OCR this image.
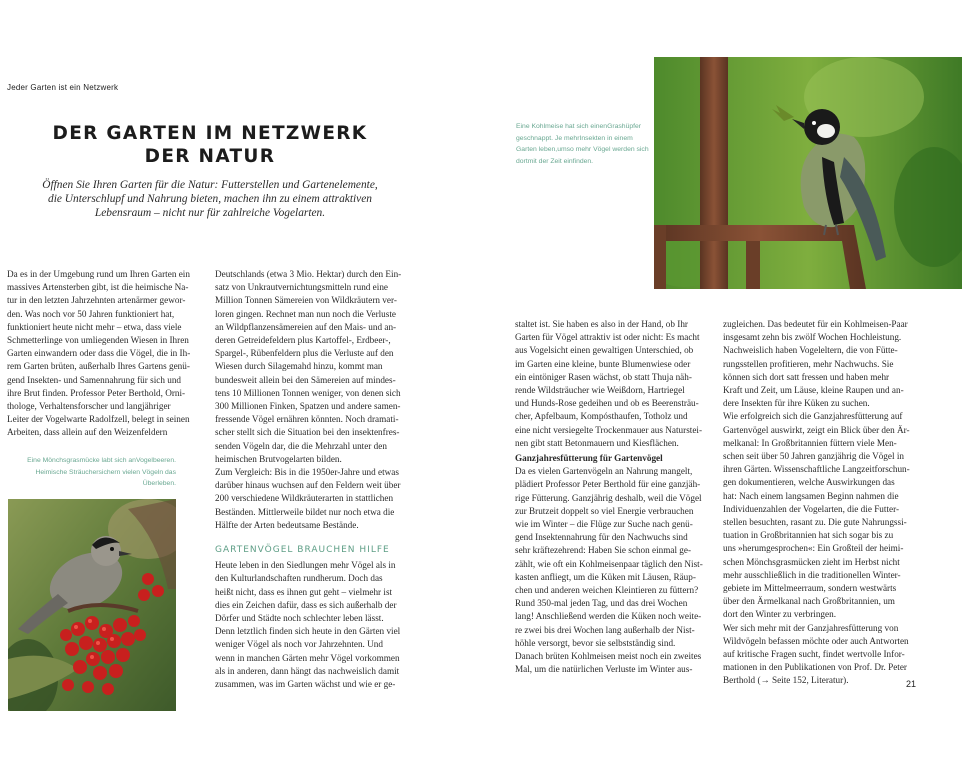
Jeder Garten ist ein Netzwerk
DER GARTEN IM NETZWERK
DER NATUR
Öffnen Sie Ihren Garten für die Natur: Futterstellen und Gartenelemente,
die Unterschlupf und Nahrung bieten, machen ihn zu einem attraktiven
Lebensraum – nicht nur für zahlreiche Vogelarten.
Da es in der Umgebung rund um Ihren Garten ein
massives Artensterben gibt, ist die heimische Na-
tur in den letzten Jahrzehnten artenärmer gewor-
den. Was noch vor 50 Jahren funktioniert hat,
funktioniert heute nicht mehr – etwa, dass viele
Schmetterlinge von umliegenden Wiesen in Ihren
Garten einwandern oder dass die Vögel, die in Ih-
rem Garten brüten, außerhalb Ihres Gartens genü-
gend Insekten- und Samennahrung für sich und
ihre Brut finden. Professor Peter Berthold, Orni-
thologe, Verhaltensforscher und langjähriger
Leiter der Vogelwarte Radolfzell, belegt in seinen
Arbeiten, dass allein auf den Weizenfeldern

Deutschlands (etwa 3 Mio. Hektar) durch den Ein-
satz von Unkrautvernichtungsmitteln rund eine
Million Tonnen Sämereien von Wildkräutern ver-
loren gingen. Rechnet man nun noch die Verluste
an Wildpflanzensämereien auf den Mais- und an-
deren Getreidefeldern plus Kartoffel-, Erdbeer-,
Spargel-, Rübenfeldern plus die Verluste auf den
Wiesen durch Silagemahd hinzu, kommt man
bundesweit allein bei den Sämereien auf mindes-
tens 10 Millionen Tonnen weniger, von denen sich
300 Millionen Finken, Spatzen und andere samen-
fressende Vögel ernähren könnten. Noch dramati-
scher stellt sich die Situation bei den insektenfres-
senden Vögeln dar, die die Mehrzahl unter den
heimischen Brutvogelarten bilden.
Zum Vergleich: Bis in die 1950er-Jahre und etwas
darüber hinaus wuchsen auf den Feldern weit über
200 verschiedene Wildkräuterarten in stattlichen
Beständen. Mittlerweile bildet nur noch etwa die
Hälfte der Arten bedeutsame Bestände.

GARTENVÖGEL BRAUCHEN HILFE

Heute leben in den Siedlungen mehr Vögel als in
den Kulturlandschaften rundherum. Doch das
heißt nicht, dass es ihnen gut geht – vielmehr ist
dies ein Zeichen dafür, dass es sich außerhalb der
Dörfer und Städte noch schlechter leben lässt.
Denn letztlich finden sich heute in den Gärten viel
weniger Vögel als noch vor Jahrzehnten. Und
wenn in manchen Gärten mehr Vögel vorkommen
als in anderen, dann hängt das nachweislich damit
zusammen, was im Garten wächst und wie er ge-

staltet ist. Sie haben es also in der Hand, ob Ihr
Garten für Vögel attraktiv ist oder nicht: Es macht
aus Vogelsicht einen gewaltigen Unterschied, ob
im Garten eine kleine, bunte Blumenwiese oder
ein eintöniger Rasen wächst, ob statt Thuja näh-
rende Wildsträucher wie Weißdorn, Hartriegel
und Hunds-Rose gedeihen und ob es Beerensträu-
cher, Apfelbaum, Kompósthaufen, Totholz und
eine nicht versiegelte Trockenmauer aus Naturstei-
nen gibt statt Betonmauern und Kiesflächen.

Ganzjahresfütterung für Gartenvögel

Da es vielen Gartenvögeln an Nahrung mangelt,
plädiert Professor Peter Berthold für eine ganzjäh-
rige Fütterung. Ganzjährig deshalb, weil die Vögel
zur Brutzeit doppelt so viel Energie verbrauchen
wie im Winter – die Flüge zur Suche nach genü-
gend Insektennahrung für den Nachwuchs sind
sehr kräftezehrend: Haben Sie schon einmal ge-
zählt, wie oft ein Kohlmeisenpaar täglich den Nist-
kasten anfliegt, um die Küken mit Läusen, Räup-
chen und anderen weichen Kleintieren zu füttern?
Rund 350-mal jeden Tag, und das drei Wochen
lang! Anschließend werden die Küken noch weite-
re zwei bis drei Wochen lang außerhalb der Nist-
höhle versorgt, bevor sie selbstständig sind.
Danach brüten Kohlmeisen meist noch ein zweites
Mal, um die natürlichen Verluste im Winter aus-

zugleichen. Das bedeutet für ein Kohlmeisen-Paar
insgesamt zehn bis zwölf Wochen Hochleistung.
Nachweislich haben Vogeleltern, die von Fütte-
rungsstellen profitieren, mehr Nachwuchs. Sie
können sich dort satt fressen und haben mehr
Kraft und Zeit, um Läuse, kleine Raupen und an-
dere Insekten für ihre Küken zu suchen.
Wie erfolgreich sich die Ganzjahresfütterung auf
Gartenvögel auswirkt, zeigt ein Blick über den Är-
melkanal: In Großbritannien füttern viele Men-
schen seit über 50 Jahren ganzjährig die Vögel in
ihren Gärten. Wissenschaftliche Langzeitforschun-
gen dokumentieren, welche Auswirkungen das
hat: Nach einem langsamen Beginn nahmen die
Individuenzahlen der Vogelarten, die die Futter-
stellen besuchten, rasant zu. Die gute Nahrungssi-
tuation in Großbritannien hat sich sogar bis zu
uns »herumgesprochen«: Ein Großteil der heimi-
schen Mönchsgrasmücken zieht im Herbst nicht
mehr ausschließlich in die traditionellen Winter-
gebiete im Mittelmeerraum, sondern westwärts
über den Ärmelkanal nach Großbritannien, um
dort den Winter zu verbringen.
Wer sich mehr mit der Ganzjahresfütterung von
Wildvögeln befassen möchte oder auch Antworten
auf kritische Fragen sucht, findet wertvolle Infor-
mationen in den Publikationen von Prof. Dr. Peter
Berthold (→ Seite 152, Literatur).
Eine Mönchsgrasmücke labt sich anVogelbeeren. Heimische Sträuchersichern vielen Vögeln das Überleben.
Eine Kohlmeise hat sich einenGrashüpfer geschnappt. Je mehrInsekten in einem Garten leben,umso mehr Vögel werden sich dortmit der Zeit einfinden.
21
